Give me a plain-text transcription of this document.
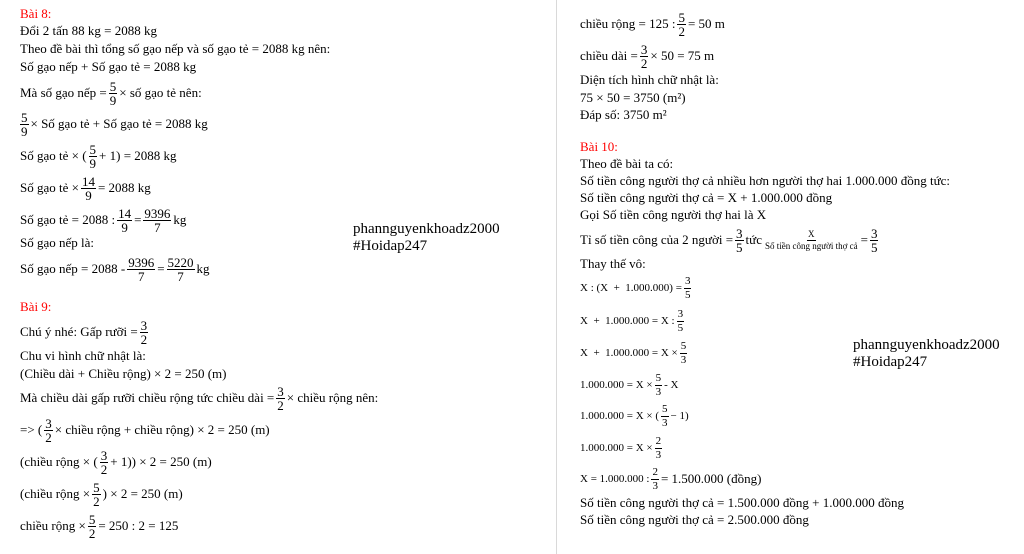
Bài 8:
Đổi 2 tấn 88 kg = 2088 kg
Theo đề bài thì tổng số gạo nếp và số gạo tẻ = 2088 kg nên:
Số gạo nếp + Số gạo tẻ = 2088 kg
Mà số gạo nếp = $\frac{5}{9}$ × số gạo tẻ nên:
$\frac{5}{9}$ × Số gạo tẻ + Số gạo tẻ = 2088 kg
Số gạo tẻ × ( $\frac{5}{9} + 1) = 2088$ kg
Số gạo tẻ × $\frac{14}{9} = 2088$ kg
Số gạo tẻ = 2088 : $\frac{14}{9} = \frac{9396}{7}$ kg
Số gạo nếp là:
Số gạo nếp = $2088 - \frac{9396}{7} = \frac{5220}{7}$ kg
phannguyenkhoadz2000
#Hoidap247
Bài 9:
Chú ý nhé: Gấp rưỡi = $\frac{3}{2}$
Chu vi hình chữ nhật là:
(Chiều dài + Chiều rộng) × 2 = 250 (m)
Mà chiều dài gấp rưỡi chiều rộng tức chiều dài = $\frac{3}{2}$ × chiều rộng nên:
=> ( $\frac{3}{2}$ × chiều rộng + chiều rộng) × 2 = 250 (m)
(chiều rộng × ( $\frac{3}{2} + 1)) \times 2 = 250$ (m)
(chiều rộng × $\frac{5}{2}$ ) × 2 = 250 (m)
chiều rộng × $\frac{5}{2} = 250$ : 2 = 125
chiều rộng = 125 : $\frac{5}{2} = 50$ m
chiều dài = $\frac{3}{2} \times 50 = 75$ m
Diện tích hình chữ nhật là:
75 × 50 = 3750 (m²)
Đáp số: 3750 m²
Bài 10:
Theo đề bài ta có:
Số tiền công người thợ cả nhiều hơn người thợ hai 1.000.000 đồng tức:
Số tiền công người thợ cả = X + 1.000.000 đồng
Gọi Số tiền công người thợ hai là X
Tỉ số tiền công của 2 người = $\frac{3}{5}$ tức $\frac{X}{\text{Số tiền công người thợ cả}} = \frac{3}{5}$
Thay thế vô:
X : $(X + 1.000.000) = \frac{3}{5}$
X  +  1.000.000 = X : $\frac{3}{5}$
$X + 1.000.000 = X \times \frac{5}{3}$
$1.000.000 = X \times \frac{5}{3} - X$
1.000.000 = X × ( $\frac{5}{3} - 1$)
$1.000.000 = X \times \frac{2}{3}$
X = 1.000.000 : $\frac{2}{3} = 1.500.000$ (đồng)
Số tiền công người thợ cả = 1.500.000 đồng + 1.000.000 đồng
Số tiền công người thợ cả = 2.500.000 đồng
phannguyenkhoadz2000
#Hoidap247
